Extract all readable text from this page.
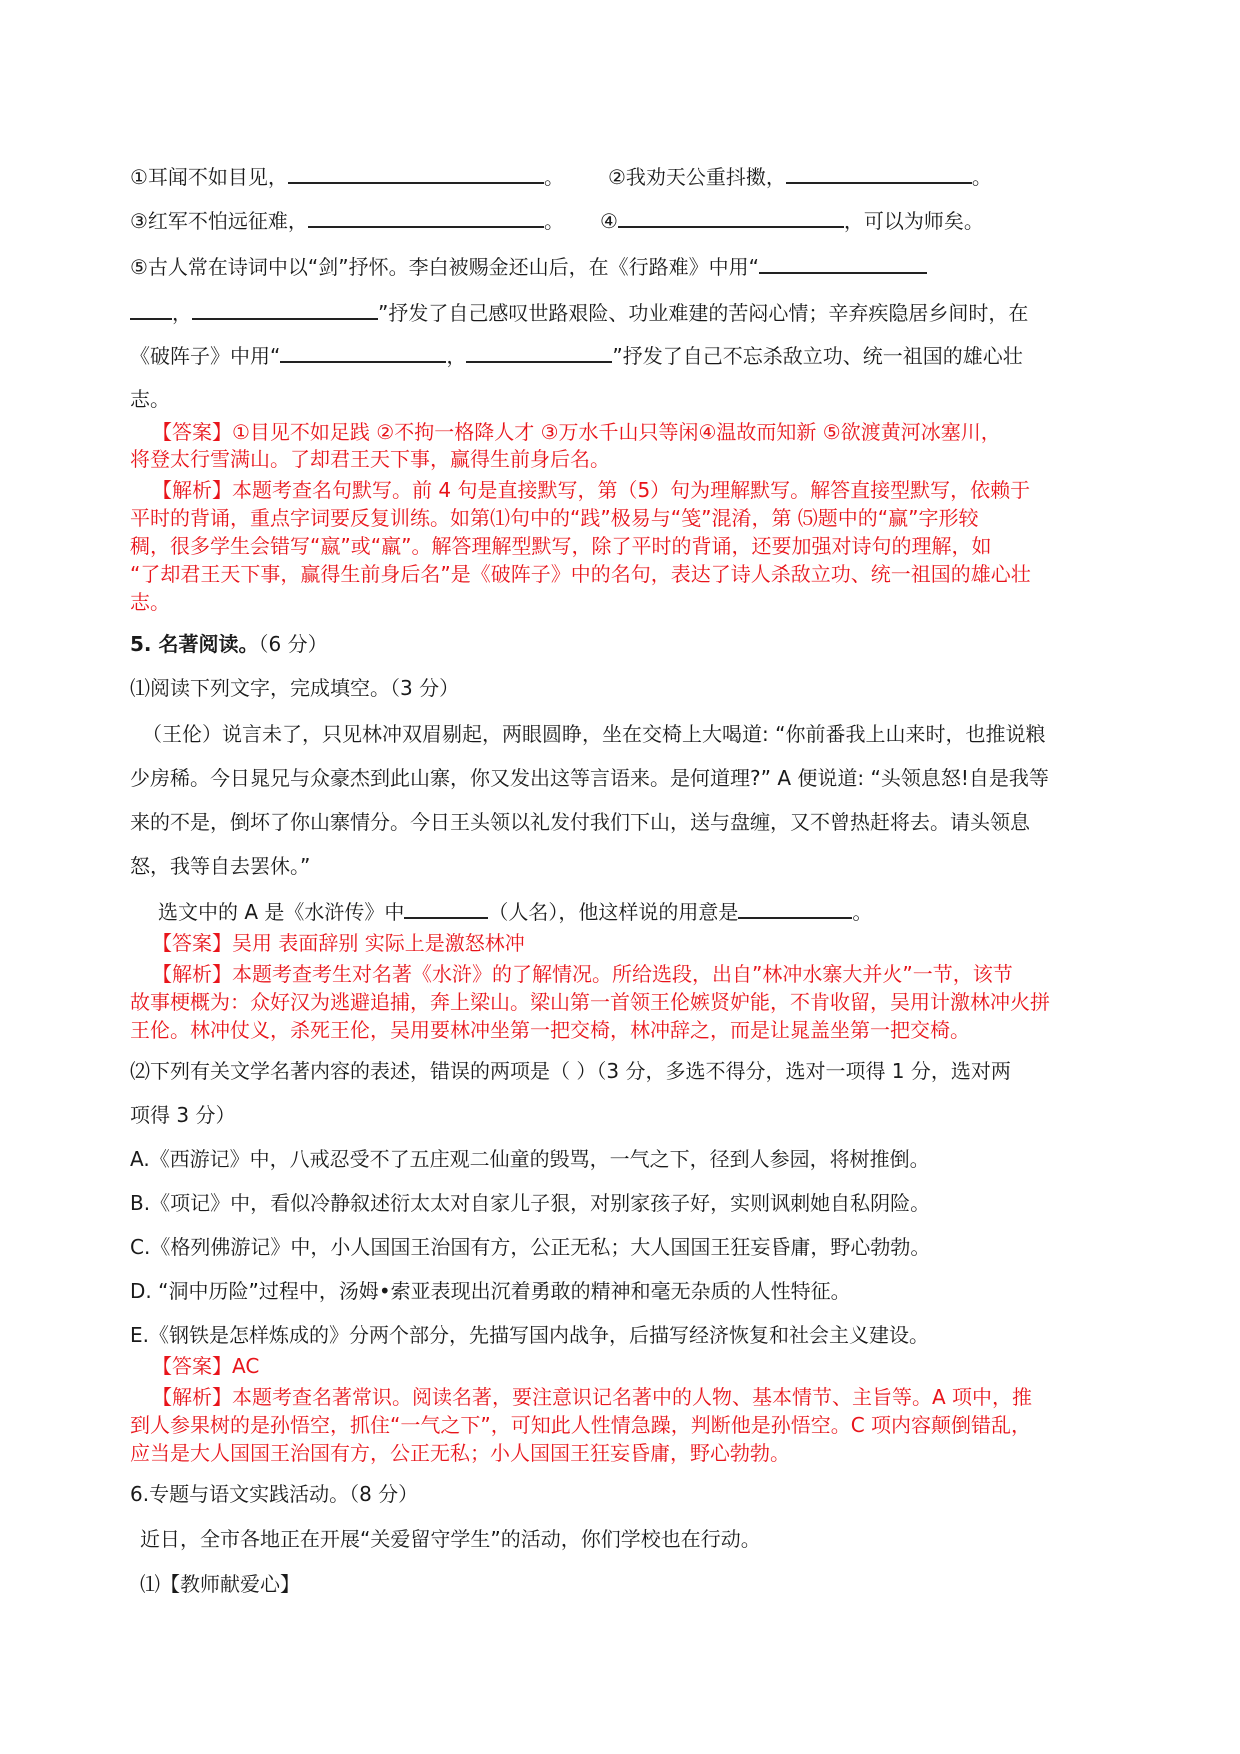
①耳闻不如目见，	。 ②我劝天公重抖擞，	。
③红军不怕远征难，	。 ④	，可以为师矣。
⑤古人常在诗词中以“剑”抒怀。李白被赐金还山后，在《行路难》中用“
，	”抒发了自己感叹世路艰险、功业难建的苦闷心情；辛弃疾隐居乡间时，在
《破阵子》中用“	，	”抒发了自己不忘杀敌立功、统一祖国的雄心壮
志。
【答案】①目见不如足践 ②不拘一格降人才 ③万水千山只等闲④温故而知新 ⑤欲渡黄河冰塞川，
将登太行雪满山。了却君王天下事，赢得生前身后名。
【解析】本题考查名句默写。前 4 句是直接默写，第（5）句为理解默写。解答直接型默写，依赖于
平时的背诵，重点字词要反复训练。如第⑴句中的“践”极易与“笺”混淆，第 ⑸题中的“赢”字形较
稠，很多学生会错写“嬴”或“羸”。解答理解型默写，除了平时的背诵，还要加强对诗句的理解，如
“了却君王天下事，赢得生前身后名”是《破阵子》中的名句，表达了诗人杀敌立功、统一祖国的雄心壮
志。
5. 名著阅读。（6 分）
⑴阅读下列文字，完成填空。（3 分）
（王伦）说言未了，只见林冲双眉剔起，两眼圆睁，坐在交椅上大喝道: “你前番我上山来时，也推说粮
少房稀。今日晁兄与众豪杰到此山寨，你又发出这等言语来。是何道理?” A 便说道: “头领息怒!自是我等
来的不是，倒坏了你山寨情分。今日王头领以礼发付我们下山，送与盘缠，又不曾热赶将去。请头领息
怒，我等自去罢休。”
选文中的 A 是《水浒传》中	（人名），他这样说的用意是	。
【答案】吴用 表面辞别 实际上是激怒林冲
【解析】本题考查考生对名著《水浒》的了解情况。所给选段，出自”林冲水寨大并火”一节，该节
故事梗概为：众好汉为逃避追捕，奔上梁山。梁山第一首领王伦嫉贤妒能，不肯收留，吴用计激林冲火拼
王伦。林冲仗义，杀死王伦，吴用要林冲坐第一把交椅，林冲辞之，而是让晁盖坐第一把交椅。
⑵下列有关文学名著内容的表述，错误的两项是（ ）（3 分，多选不得分，选对一项得 1 分，选对两
项得 3 分）
A.《西游记》中，八戒忍受不了五庄观二仙童的毁骂，一气之下，径到人参园，将树推倒。
B.《项记》中，看似冷静叙述衍太太对自家儿子狠，对别家孩子好，实则讽刺她自私阴险。
C.《格列佛游记》中，小人国国王治国有方，公正无私；大人国国王狂妄昏庸，野心勃勃。
D. “洞中历险”过程中，汤姆•索亚表现出沉着勇敢的精神和毫无杂质的人性特征。
E.《钢铁是怎样炼成的》分两个部分，先描写国内战争，后描写经济恢复和社会主义建设。
【答案】AC
【解析】本题考查名著常识。阅读名著，要注意识记名著中的人物、基本情节、主旨等。A 项中，推
到人参果树的是孙悟空，抓住“一气之下”，可知此人性情急躁，判断他是孙悟空。C 项内容颠倒错乱，
应当是大人国国王治国有方，公正无私；小人国国王狂妄昏庸，野心勃勃。
6.专题与语文实践活动。（8 分）
近日，全市各地正在开展“关爱留守学生”的活动，你们学校也在行动。
⑴【教师献爱心】
